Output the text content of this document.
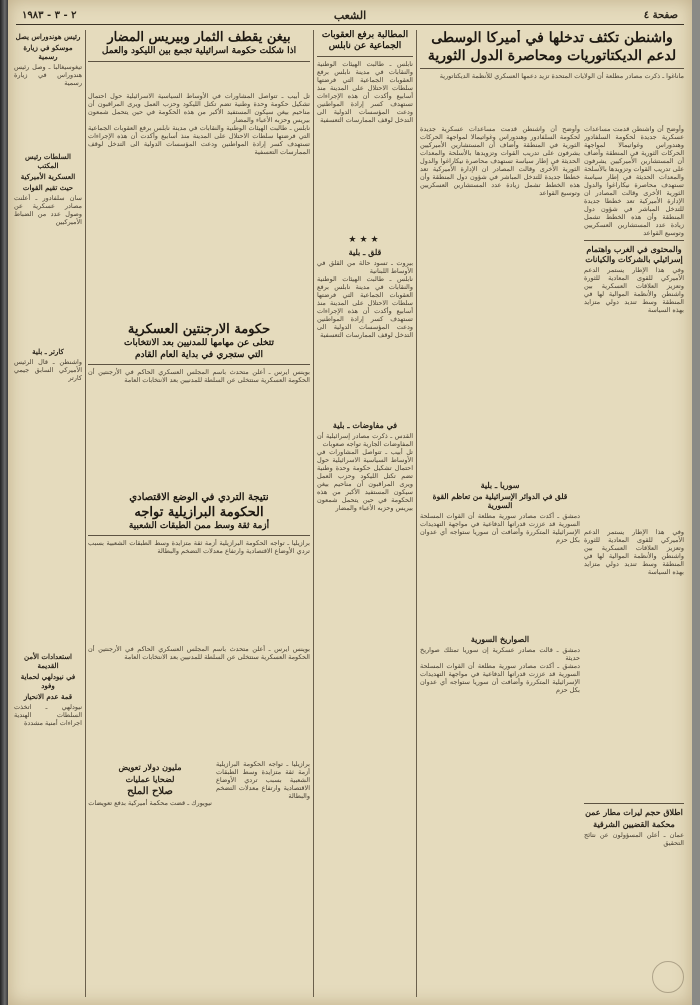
صفحة ٤
الشعب
٢ - ٣ - ١٩٨٣
واشنطن تكثف تدخلها في أميركا الوسطى
لدعم الديكتاتوريات ومحاصرة الدول الثورية

ماناغوا ـ ذكرت مصادر مطلعة أن الولايات المتحدة تزيد دعمها العسكري للأنظمة الديكتاتورية

وأوضح أن واشنطن قدمت مساعدات عسكرية جديدة لحكومة السلفادور وهندوراس وغواتيمالا لمواجهة الحركات الثورية في المنطقة وأضاف أن المستشارين الأميركيين يشرفون على تدريب القوات وتزويدها بالأسلحة والمعدات الحديثة في إطار سياسة تستهدف محاصرة نيكاراغوا والدول الثورية الأخرى وقالت المصادر ان الإدارة الأميركية تعد خططا جديدة للتدخل المباشر في شؤون دول المنطقة وأن هذه الخطط تشمل زيادة عدد المستشارين العسكريين وتوسيع القواعد

والمحتوى في الغرب واهتمام إسرائيلي بالشركات والكيانات

وفي هذا الإطار يستمر الدعم الأميركي للقوى المعادية للثورة وتعزيز العلاقات العسكرية بين واشنطن والأنظمة الموالية لها في المنطقة وسط تنديد دولي متزايد بهذه السياسة

وأوضح أن واشنطن قدمت مساعدات عسكرية جديدة لحكومة السلفادور وهندوراس وغواتيمالا لمواجهة الحركات الثورية في المنطقة وأضاف أن المستشارين الأميركيين يشرفون على تدريب القوات وتزويدها بالأسلحة والمعدات الحديثة في إطار سياسة تستهدف محاصرة نيكاراغوا والدول الثورية الأخرى وقالت المصادر ان الإدارة الأميركية تعد خططا جديدة للتدخل المباشر في شؤون دول المنطقة وأن هذه الخطط تشمل زيادة عدد المستشارين العسكريين وتوسيع القواعد

سوريا ـ بلية
قلق في الدوائر الإسرائيلية من تعاظم القوة السورية

دمشق ـ أكدت مصادر سورية مطلعة أن القوات المسلحة السورية قد عززت قدراتها الدفاعية في مواجهة التهديدات الإسرائيلية المتكررة وأضافت أن سوريا ستواجه أي عدوان بكل حزم

الصواريخ السورية

دمشق ـ قالت مصادر عسكرية إن سوريا تمتلك صواريخ حديثة

دمشق ـ أكدت مصادر سورية مطلعة أن القوات المسلحة السورية قد عززت قدراتها الدفاعية في مواجهة التهديدات الإسرائيلية المتكررة وأضافت أن سوريا ستواجه أي عدوان بكل حزم

وفي هذا الإطار يستمر الدعم الأميركي للقوى المعادية للثورة وتعزيز العلاقات العسكرية بين واشنطن والأنظمة الموالية لها في المنطقة وسط تنديد دولي متزايد بهذه السياسة

اطلاق حجم ليرات مطار عمن
محكمة القضيين الشرقية

عمان ـ أعلن المسؤولون عن نتائج التحقيق

المطالبة برفع العقوبات الجماعية عن نابلس

نابلس ـ طالبت الهيئات الوطنية والنقابات في مدينة نابلس برفع العقوبات الجماعية التي فرضتها سلطات الاحتلال على المدينة منذ أسابيع وأكدت أن هذه الإجراءات تستهدف كسر إرادة المواطنين ودعت المؤسسات الدولية الى التدخل لوقف الممارسات التعسفية

★★★
قلق ـ بلية

بيروت ـ تسود حالة من القلق في الأوساط اللبنانية

نابلس ـ طالبت الهيئات الوطنية والنقابات في مدينة نابلس برفع العقوبات الجماعية التي فرضتها سلطات الاحتلال على المدينة منذ أسابيع وأكدت أن هذه الإجراءات تستهدف كسر إرادة المواطنين ودعت المؤسسات الدولية الى التدخل لوقف الممارسات التعسفية

في مفاوضات ـ بلية

القدس ـ ذكرت مصادر إسرائيلية أن المفاوضات الجارية تواجه صعوبات

تل أبيب ـ تتواصل المشاورات في الأوساط السياسية الاسرائيلية حول احتمال تشكيل حكومة وحدة وطنية تضم تكتل الليكود وحزب العمل ويرى المراقبون أن مناحيم بيغن سيكون المستفيد الأكبر من هذه الحكومة في حين يتحمل شمعون بيريس وحزبه الأعباء والمضار

بيغن يقطف الثمار وبيريس المضار
اذا شكلت حكومة اسرائيلية تجمع بين الليكود والعمل

تل أبيب ـ تتواصل المشاورات في الأوساط السياسية الاسرائيلية حول احتمال تشكيل حكومة وحدة وطنية تضم تكتل الليكود وحزب العمل ويرى المراقبون أن مناحيم بيغن سيكون المستفيد الأكبر من هذه الحكومة في حين يتحمل شمعون بيريس وحزبه الأعباء والمضار

نابلس ـ طالبت الهيئات الوطنية والنقابات في مدينة نابلس برفع العقوبات الجماعية التي فرضتها سلطات الاحتلال على المدينة منذ أسابيع وأكدت أن هذه الإجراءات تستهدف كسر إرادة المواطنين ودعت المؤسسات الدولية الى التدخل لوقف الممارسات التعسفية

حكومة الارجنتين العسكرية
تتخلى عن مهامها للمدنيين بعد الانتخابات
التي ستجري في بداية العام القادم

بوينس ايرس ـ أعلن متحدث باسم المجلس العسكري الحاكم في الأرجنتين أن الحكومة العسكرية ستتخلى عن السلطة للمدنيين بعد الانتخابات العامة

نتيجة التردي في الوضع الاقتصادي
الحكومة البرازيلية تواجه
أزمة ثقة وسط ممن الطبقات الشعبية

برازيليا ـ تواجه الحكومة البرازيلية أزمة ثقة متزايدة وسط الطبقات الشعبية بسبب تردي الأوضاع الاقتصادية وارتفاع معدلات التضخم والبطالة

بوينس ايرس ـ أعلن متحدث باسم المجلس العسكري الحاكم في الأرجنتين أن الحكومة العسكرية ستتخلى عن السلطة للمدنيين بعد الانتخابات العامة

مليون دولار تعويض
لضحايا عمليات
صلاح الملح

نيويورك ـ قضت محكمة أميركية بدفع تعويضات

برازيليا ـ تواجه الحكومة البرازيلية أزمة ثقة متزايدة وسط الطبقات الشعبية بسبب تردي الأوضاع الاقتصادية وارتفاع معدلات التضخم والبطالة

رئيس هوندوراس يصل
موسكو في زيارة رسمية

تيغوسيغالبا ـ وصل رئيس هندوراس في زيارة رسمية

السلطات رئيس المكتب
العسكرية الأميركية
حيث تقيم القوات

سان سلفادور ـ أعلنت مصادر عسكرية عن وصول عدد من الضباط الأميركيين

كارتر ـ بلية

واشنطن ـ قال الرئيس الأميركي السابق جيمي كارتر

استعدادات الأمن القديمة
في نيودلهي لحماية وفود
قمة عدم الانحياز

نيودلهي ـ اتخذت السلطات الهندية اجراءات أمنية مشددة
